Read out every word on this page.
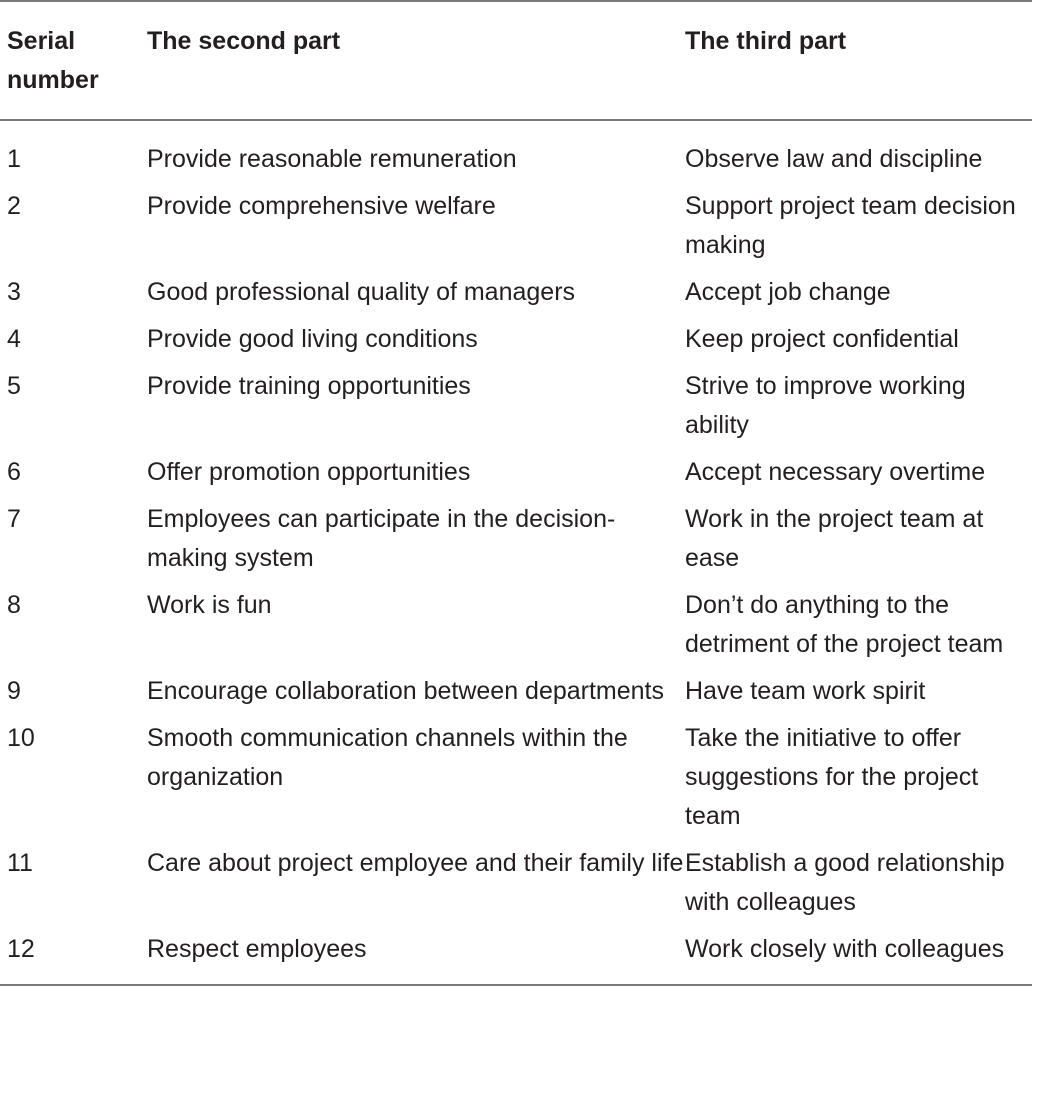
Serial number	The second part	The third part
1	Provide reasonable remuneration	Observe law and discipline
2	Provide comprehensive welfare	Support project team decision making
3	Good professional quality of managers	Accept job change
4	Provide good living conditions	Keep project confidential
5	Provide training opportunities	Strive to improve working ability
6	Offer promotion opportunities	Accept necessary overtime
7	Employees can participate in the decision-making system	Work in the project team at ease
8	Work is fun	Don’t do anything to the detriment of the project team
9	Encourage collaboration between departments	Have team work spirit
10	Smooth communication channels within the organization	Take the initiative to offer suggestions for the project team
11	Care about project employee and their family life	Establish a good relationship with colleagues
12	Respect employees	Work closely with colleagues
